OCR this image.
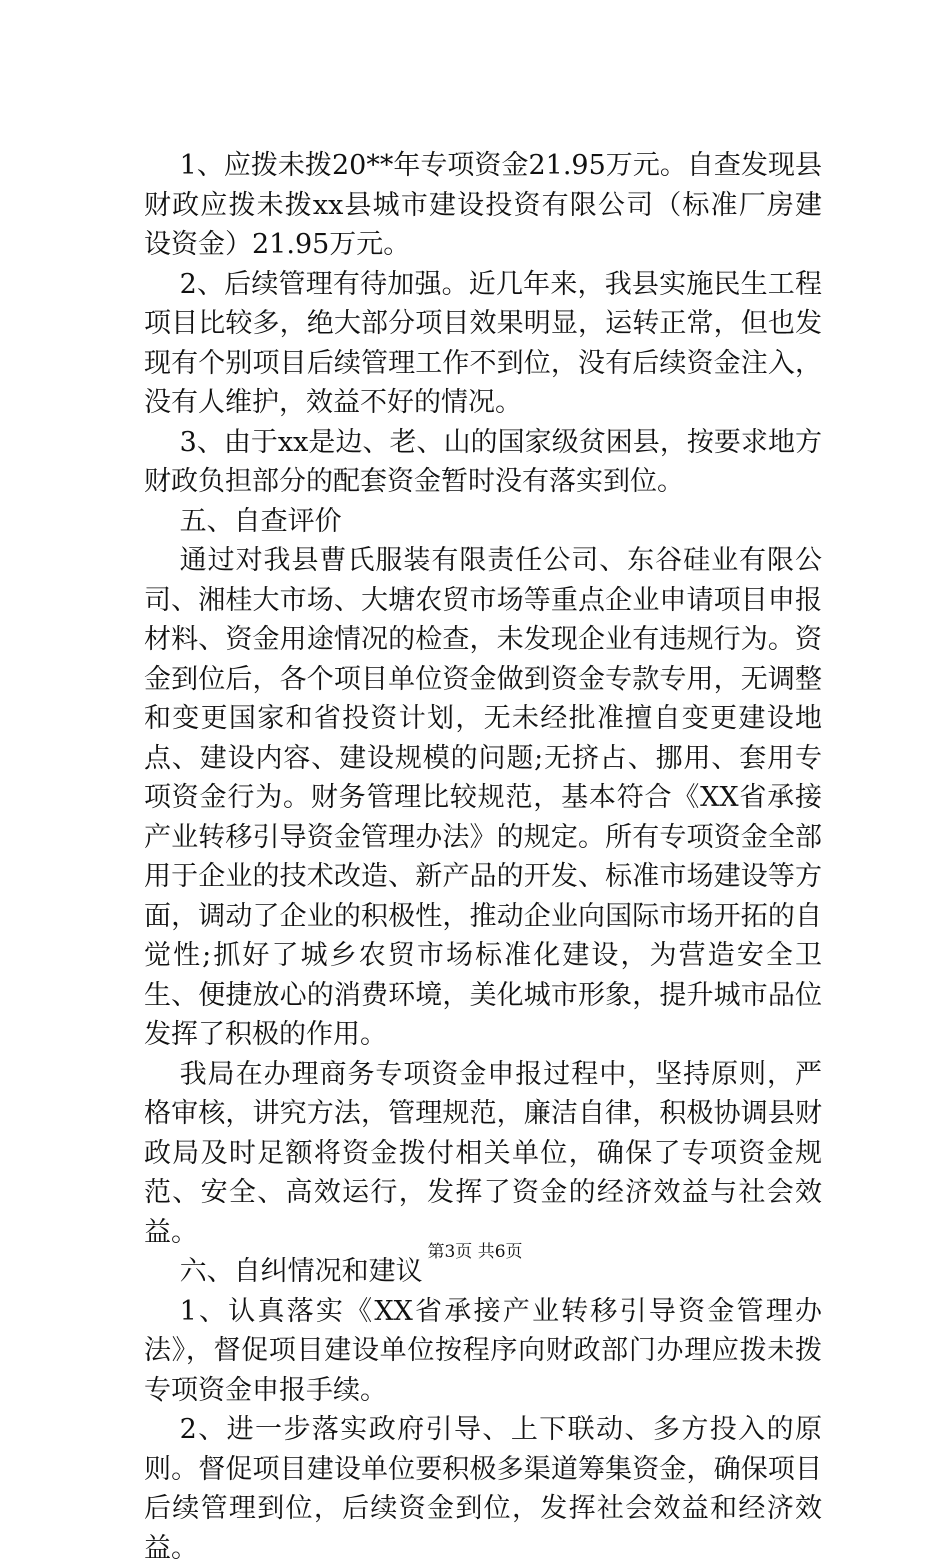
1、应拨未拨20**年专项资金21.95万元。自查发现县财政应拨未拨xx县城市建设投资有限公司（标准厂房建设资金）21.95万元。

2、后续管理有待加强。近几年来，我县实施民生工程项目比较多，绝大部分项目效果明显，运转正常，但也发现有个别项目后续管理工作不到位，没有后续资金注入，没有人维护，效益不好的情况。

3、由于xx是边、老、山的国家级贫困县，按要求地方财政负担部分的配套资金暂时没有落实到位。

五、自查评价

通过对我县曹氏服装有限责任公司、东谷硅业有限公司、湘桂大市场、大塘农贸市场等重点企业申请项目申报材料、资金用途情况的检查，未发现企业有违规行为。资金到位后，各个项目单位资金做到资金专款专用，无调整和变更国家和省投资计划，无未经批准擅自变更建设地点、建设内容、建设规模的问题;无挤占、挪用、套用专项资金行为。财务管理比较规范，基本符合《XX省承接产业转移引导资金管理办法》的规定。所有专项资金全部用于企业的技术改造、新产品的开发、标准市场建设等方面，调动了企业的积极性，推动企业向国际市场开拓的自觉性;抓好了城乡农贸市场标准化建设，为营造安全卫生、便捷放心的消费环境，美化城市形象，提升城市品位发挥了积极的作用。

我局在办理商务专项资金申报过程中，坚持原则，严格审核，讲究方法，管理规范，廉洁自律，积极协调县财政局及时足额将资金拨付相关单位，确保了专项资金规范、安全、高效运行，发挥了资金的经济效益与社会效益。

六、自纠情况和建议

1、认真落实《XX省承接产业转移引导资金管理办法》，督促项目建设单位按程序向财政部门办理应拨未拨专项资金申报手续。

2、进一步落实政府引导、上下联动、多方投入的原则。督促项目建设单位要积极多渠道筹集资金，确保项目后续管理到位，后续资金到位，发挥社会效益和经济效益。

第3页 共6页
